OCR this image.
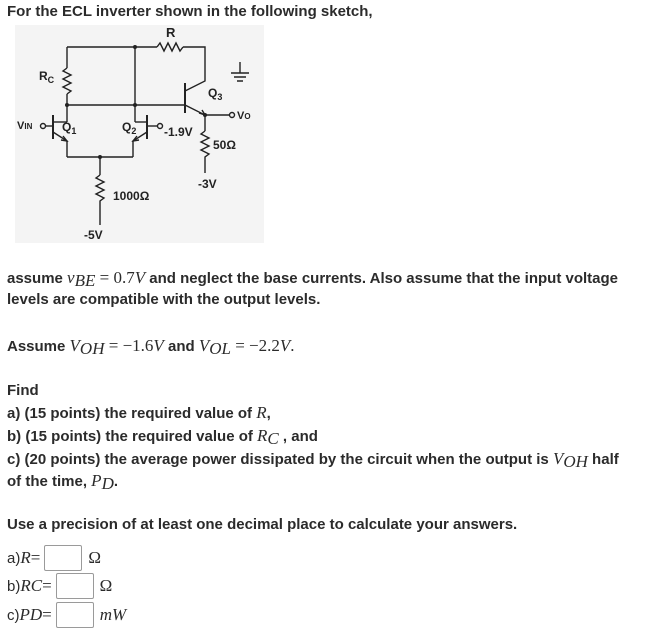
For the ECL inverter shown in the following sketch,
R
$R_C$
$Q_1$	$Q_2$
$Q_3$
VIN
VO
-1.9V
50Ω
1000Ω
-3V
-5V
assume $v_{BE} = 0.7V$ and neglect the base currents. Also assume that the input voltage
levels are compatible with the output levels.
Assume $V_{OH} = -1.6V$ and $V_{OL} = -2.2V$.
Find
a) (15 points) the required value of R,
b) (15 points) the required value of $R_C$ , and
c) (20 points) the average power dissipated by the circuit when the output is $V_{OH}$ half
of the time, $P_D$.
Use a precision of at least one decimal place to calculate your answers.
a) R =	Ω
b) R C =	Ω
c) P D =	mW
